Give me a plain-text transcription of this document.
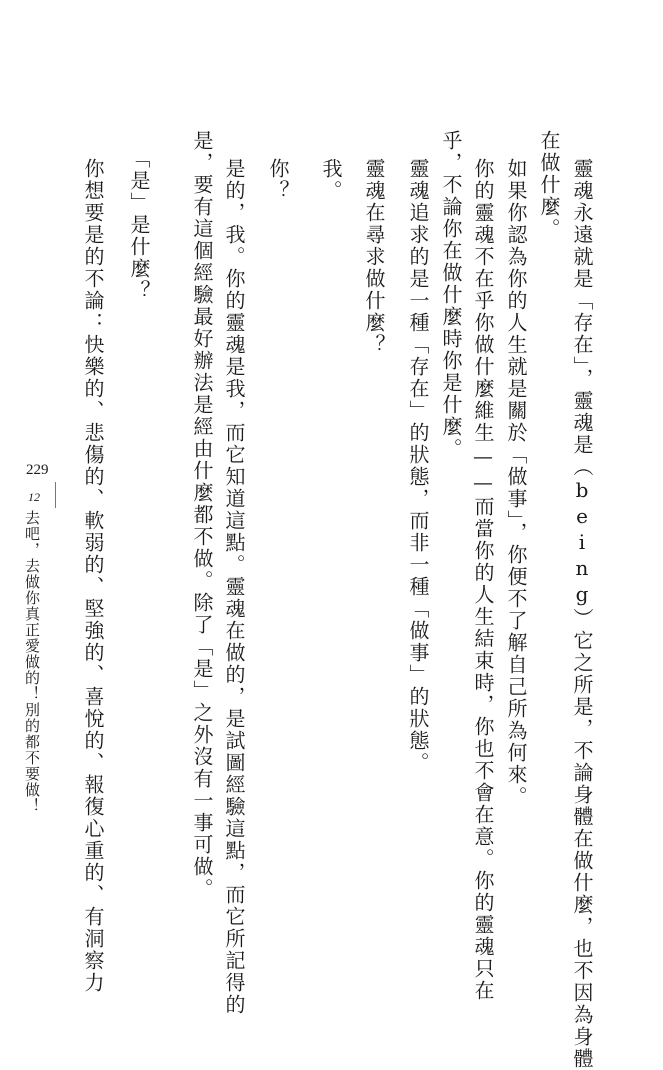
靈魂永遠就是「存在」，靈魂是（being）它之所是，不論身體在做什麼，也不因為身體
在做什麼。
如果你認為你的人生就是關於「做事」，你便不了解自己所為何來。
你的靈魂不在乎你做什麼維生——而當你的人生結束時，你也不會在意。你的靈魂只在
乎，不論你在做什麼時你是什麼。
靈魂追求的是一種「存在」的狀態，而非一種「做事」的狀態。
靈魂在尋求做什麼？
我。
你？
是的，我。你的靈魂是我，而它知道這點。靈魂在做的，是試圖經驗這點，而它所記得的
是，要有這個經驗最好辦法是經由什麼都不做。除了「是」之外沒有一事可做。
「是」是什麼？
你想要是的不論：快樂的、悲傷的、軟弱的、堅強的、喜悅的、報復心重的、有洞察力
229
12
去吧，去做你真正愛做的！別的都不要做！
